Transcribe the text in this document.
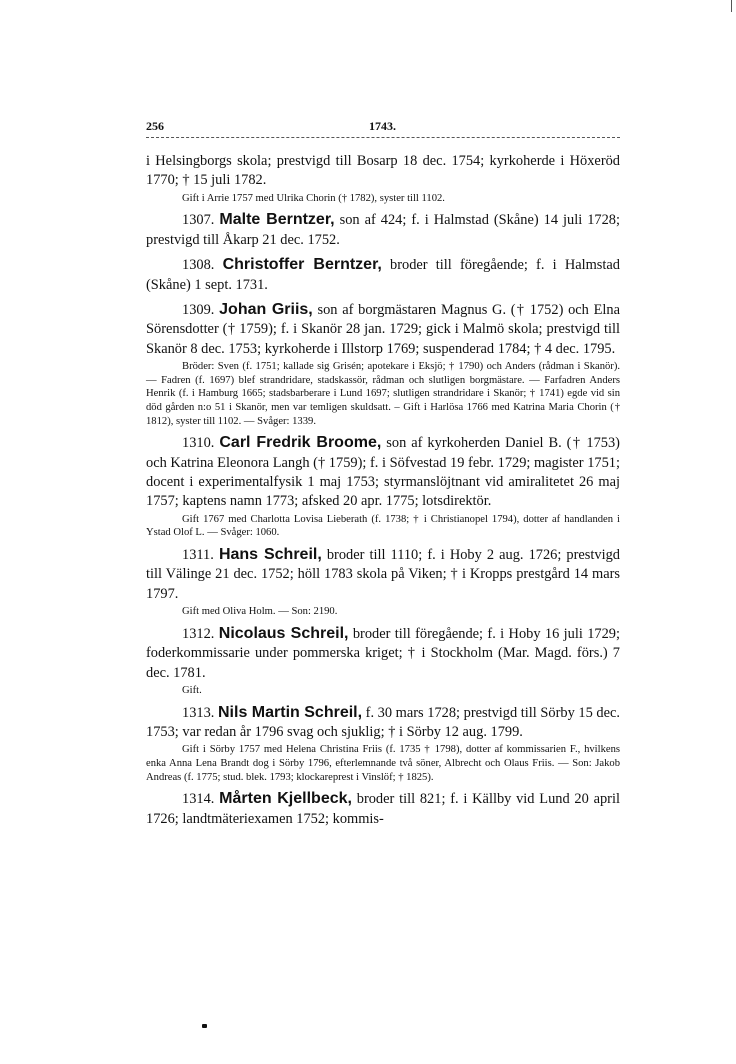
256	1743.

i Helsingborgs skola; prestvigd till Bosarp 18 dec. 1754; kyrkoherde i Höxeröd 1770; † 15 juli 1782.

Gift i Arrie 1757 med Ulrika Chorin († 1782), syster till 1102.

1307. Malte Berntzer, son af 424; f. i Halmstad (Skåne) 14 juli 1728; prestvigd till Åkarp 21 dec. 1752.

1308. Christoffer Berntzer, broder till föregående; f. i Halmstad (Skåne) 1 sept. 1731.

1309. Johan Griis, son af borgmästaren Magnus G. († 1752) och Elna Sörensdotter († 1759); f. i Skanör 28 jan. 1729; gick i Malmö skola; prestvigd till Skanör 8 dec. 1753; kyrkoherde i Illstorp 1769; suspenderad 1784; † 4 dec. 1795.

Bröder: Sven (f. 1751; kallade sig Grisén; apotekare i Eksjö; † 1790) och Anders (rådman i Skanör). — Fadren (f. 1697) blef strandridare, stadskassör, rådman och slutligen borgmästare. — Farfadren Anders Henrik (f. i Hamburg 1665; stadsbarberare i Lund 1697; slutligen strandridare i Skanör; † 1741) egde vid sin död gården n:o 51 i Skanör, men var temligen skuldsatt. – Gift i Harlösa 1766 med Katrina Maria Chorin († 1812), syster till 1102. — Svåger: 1339.

1310. Carl Fredrik Broome, son af kyrkoherden Daniel B. († 1753) och Katrina Eleonora Langh († 1759); f. i Söfvestad 19 febr. 1729; magister 1751; docent i experimentalfysik 1 maj 1753; styrmanslöjtnant vid amiralitetet 26 maj 1757; kaptens namn 1773; afsked 20 apr. 1775; lotsdirektör.

Gift 1767 med Charlotta Lovisa Lieberath (f. 1738; † i Christianopel 1794), dotter af handlanden i Ystad Olof L. — Svåger: 1060.

1311. Hans Schreil, broder till 1110; f. i Hoby 2 aug. 1726; prestvigd till Välinge 21 dec. 1752; höll 1783 skola på Viken; † i Kropps prestgård 14 mars 1797.

Gift med Oliva Holm. — Son: 2190.

1312. Nicolaus Schreil, broder till föregående; f. i Hoby 16 juli 1729; foderkommissarie under pommerska kriget; † i Stockholm (Mar. Magd. förs.) 7 dec. 1781.

Gift.

1313. Nils Martin Schreil, f. 30 mars 1728; prestvigd till Sörby 15 dec. 1753; var redan år 1796 svag och sjuklig; † i Sörby 12 aug. 1799.

Gift i Sörby 1757 med Helena Christina Friis (f. 1735 † 1798), dotter af kommissarien F., hvilkens enka Anna Lena Brandt dog i Sörby 1796, efterlemnande två söner, Albrecht och Olaus Friis. — Son: Jakob Andreas (f. 1775; stud. blek. 1793; klockareprest i Vinslöf; † 1825).

1314. Mårten Kjellbeck, broder till 821; f. i Källby vid Lund 20 april 1726; landtmäteriexamen 1752; kommis-
